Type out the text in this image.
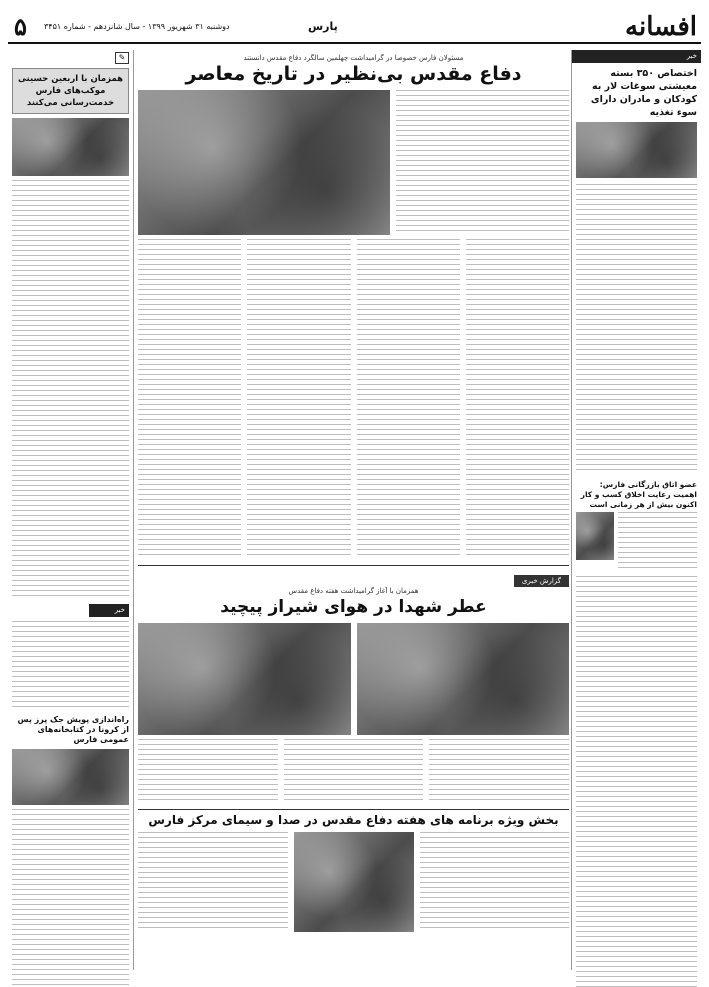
افسانه
پارس
دوشنبه ۳۱ شهریور ۱۳۹۹ - سال شانزدهم - شماره ۳۴۵۱
۵
خبر
اختصاص ۳۵۰ بسته معیشتی سوغات لار به کودکان و مادران دارای سوء تغذیه
عضو اتاق بازرگانی فارس: اهمیت رعایت اخلاق کسب و کار اکنون بیش از هر زمانی است
✎
همزمان با اربعین حسینی موکب‌های فارس خدمت‌رسانی می‌کنند
خبر
راه‌اندازی پویش جک پرز پس از کرونا در کتابخانه‌های عمومی فارس
مسئولان فارس خصوصا در گرامیداشت چهلمین سالگرد دفاع مقدس دانستند
دفاع مقدس بی‌نظیر در تاریخ معاصر
گزارش خبری
همزمان با آغاز گرامیداشت هفته دفاع مقدس
عطر شهدا در هوای شیراز پیچید
بخش ویژه برنامه های هفته دفاع مقدس در صدا و سیمای مرکز فارس
